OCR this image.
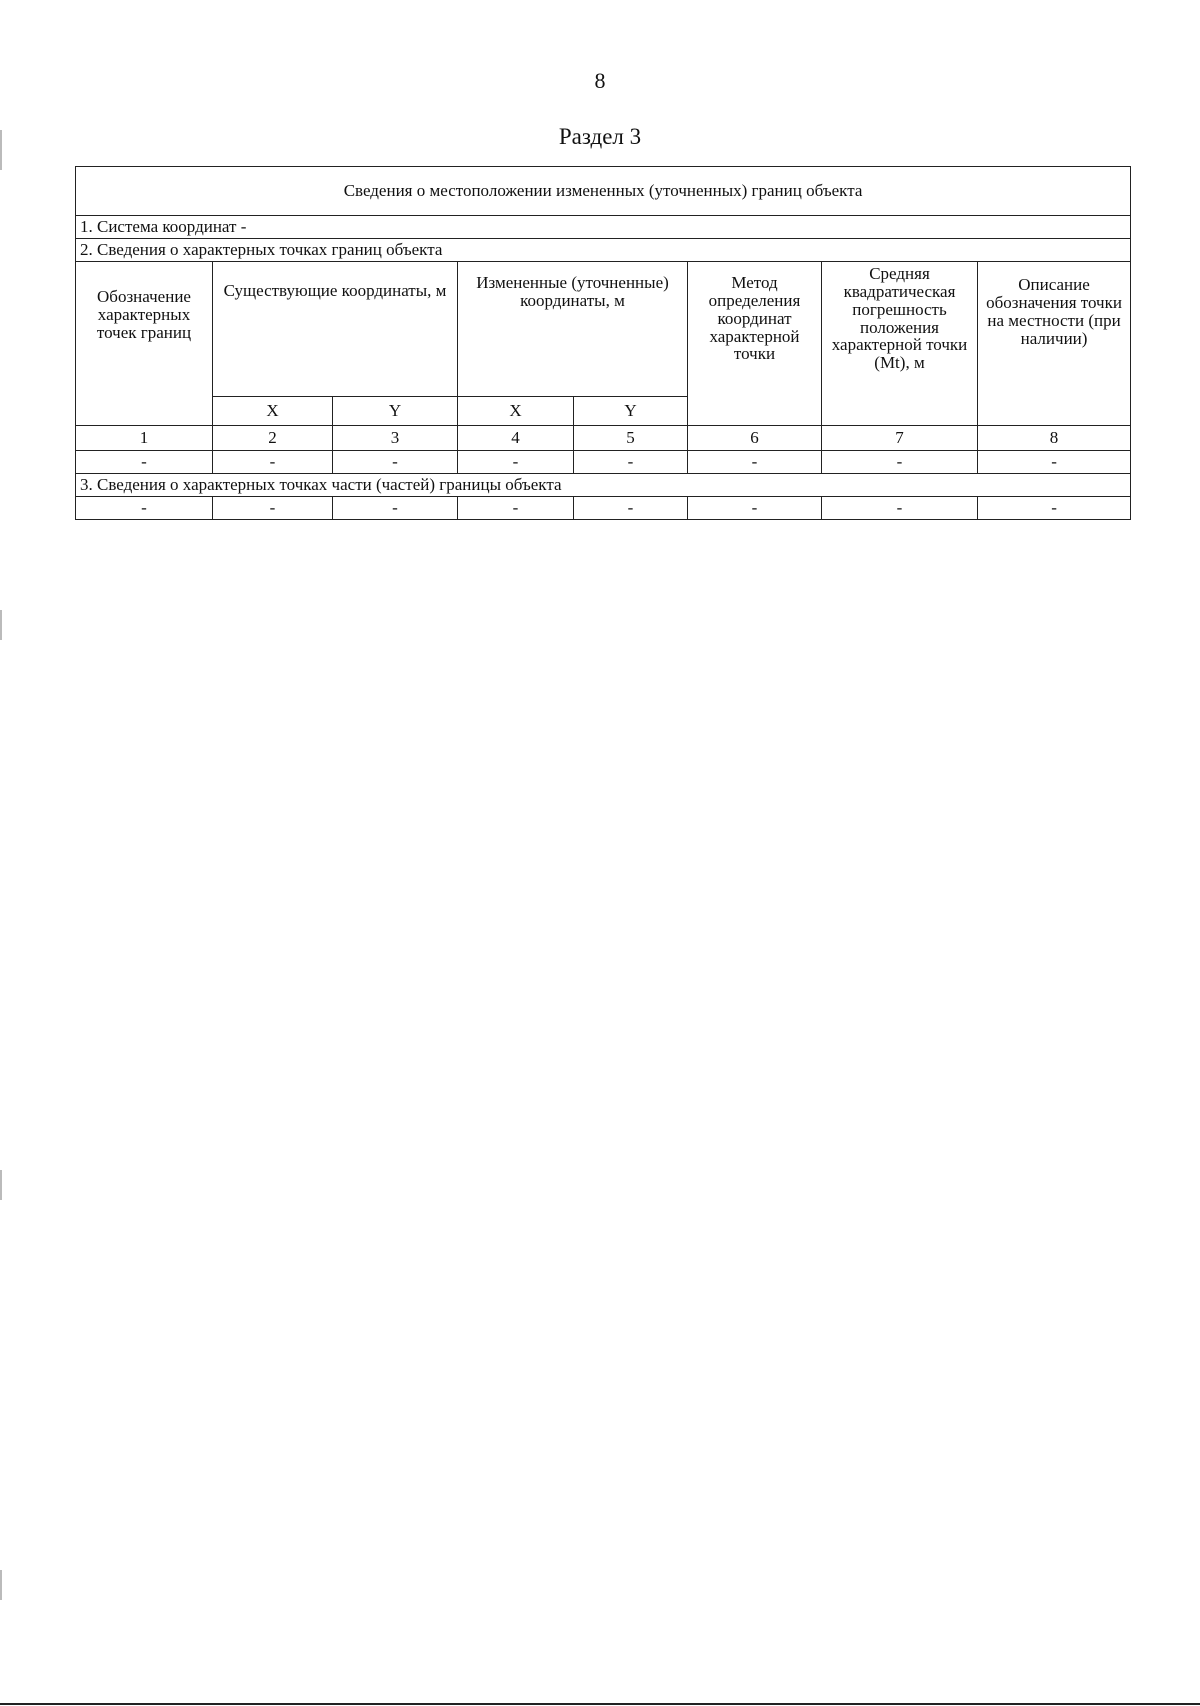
8
Раздел 3
Сведения о местоположении измененных (уточненных) границ объекта							
1. Система координат -							
2. Сведения о характерных точках границ объекта							
Обозначение характерных точек границ	Существующие координаты, м		Измененные (уточненные) координаты, м		Метод определения координат характерной точки	Средняя квадратическая погрешность положения характерной точки (Mt), м	Описание обозначения точки на местности (при наличии)
	X	Y	X	Y			
1	2	3	4	5	6	7	8
-	-	-	-	-	-	-	-
3. Сведения о характерных точках части (частей) границы объекта							
-	-	-	-	-	-	-	-
